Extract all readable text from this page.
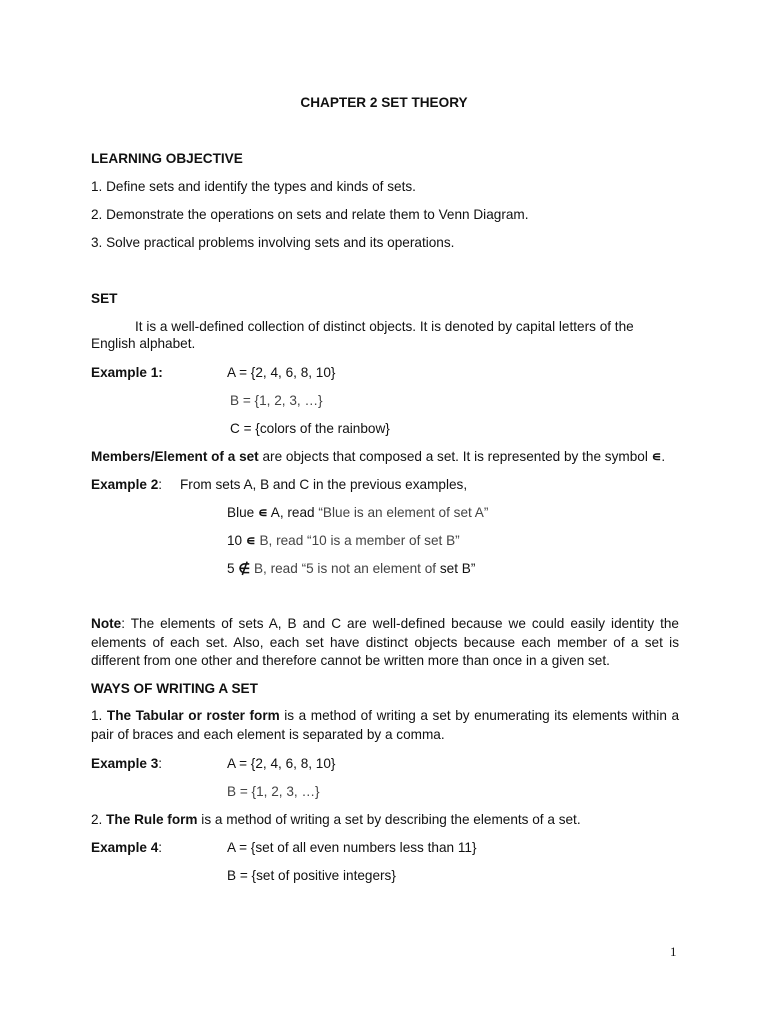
CHAPTER 2 SET THEORY
LEARNING OBJECTIVE
1. Define sets and identify the types and kinds of sets.
2. Demonstrate the operations on sets and relate them to Venn Diagram.
3. Solve practical problems involving sets and its operations.
SET
It is a well-defined collection of distinct objects. It is denoted by capital letters of the
English alphabet.
Example 1:	A = {2, 4, 6, 8, 10}
B = {1, 2, 3, …}
C = {colors of the rainbow}
Members/Element of a set are objects that composed a set. It is represented by the symbol ∊.
Example 2: From sets A, B and C in the previous examples,
Blue ∊ A, read “Blue is an element of set A”
10 ∊ B, read “10 is a member of set B”
5 ∉ B, read “5 is not an element of set B”
Note: The elements of sets A, B and C are well-defined because we could easily identity the elements of each set. Also, each set have distinct objects because each member of a set is different from one other and therefore cannot be written more than once in a given set.
WAYS OF WRITING A SET
1. The Tabular or roster form is a method of writing a set by enumerating its elements within a pair of braces and each element is separated by a comma.
Example 3:	A = {2, 4, 6, 8, 10}
B = {1, 2, 3, …}
2. The Rule form is a method of writing a set by describing the elements of a set.
Example 4:	A = {set of all even numbers less than 11}
B = {set of positive integers}
1
